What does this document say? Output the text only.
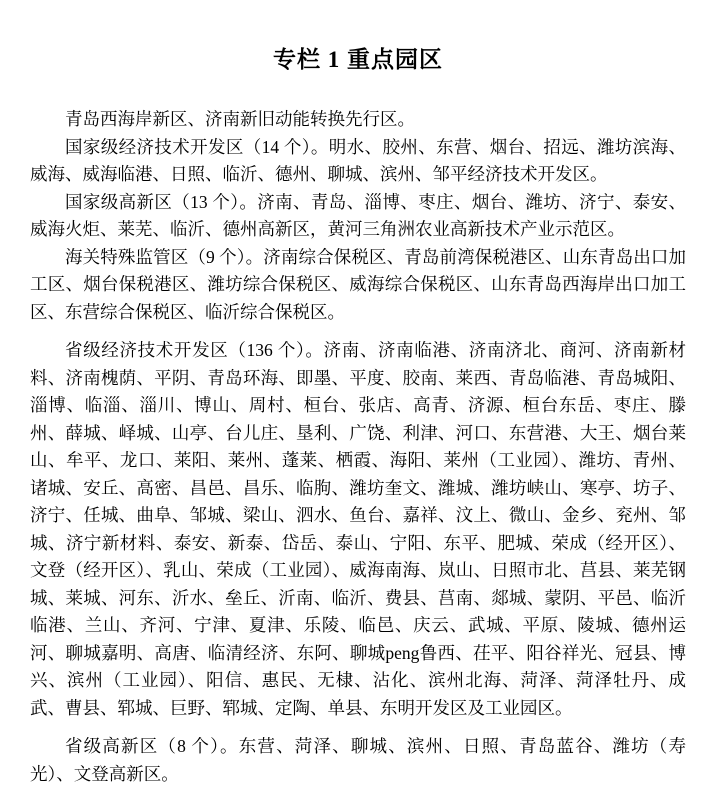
专栏 1 重点园区

青岛西海岸新区、济南新旧动能转换先行区。

国家级经济技术开发区（14 个）。明水、胶州、东营、烟台、招远、潍坊滨海、威海、威海临港、日照、临沂、德州、聊城、滨州、邹平经济技术开发区。

国家级高新区（13 个）。济南、青岛、淄博、枣庄、烟台、潍坊、济宁、泰安、威海火炬、莱芜、临沂、德州高新区，黄河三角洲农业高新技术产业示范区。

海关特殊监管区（9 个）。济南综合保税区、青岛前湾保税港区、山东青岛出口加工区、烟台保税港区、潍坊综合保税区、威海综合保税区、山东青岛西海岸出口加工区、东营综合保税区、临沂综合保税区。

省级经济技术开发区（136 个）。济南、济南临港、济南济北、商河、济南新材料、济南槐荫、平阴、青岛环海、即墨、平度、胶南、莱西、青岛临港、青岛城阳、淄博、临淄、淄川、博山、周村、桓台、张店、高青、济源、桓台东岳、枣庄、滕州、薛城、峄城、山亭、台儿庄、垦利、广饶、利津、河口、东营港、大王、烟台莱山、牟平、龙口、莱阳、莱州、蓬莱、栖霞、海阳、莱州（工业园）、潍坊、青州、诸城、安丘、高密、昌邑、昌乐、临朐、潍坊奎文、潍城、潍坊峡山、寒亭、坊子、济宁、任城、曲阜、邹城、梁山、泗水、鱼台、嘉祥、汶上、微山、金乡、兖州、邹城、济宁新材料、泰安、新泰、岱岳、泰山、宁阳、东平、肥城、荣成（经开区）、文登（经开区）、乳山、荣成（工业园）、威海南海、岚山、日照市北、莒县、莱芜钢城、莱城、河东、沂水、垒丘、沂南、临沂、费县、莒南、郯城、蒙阴、平邑、临沂临港、兰山、齐河、宁津、夏津、乐陵、临邑、庆云、武城、平原、陵城、德州运河、聊城嘉明、高唐、临清经济、东阿、聊城peng鲁西、茌平、阳谷祥光、冠县、博兴、滨州（工业园）、阳信、惠民、无棣、沾化、滨州北海、菏泽、菏泽牡丹、成武、曹县、郓城、巨野、郓城、定陶、单县、东明开发区及工业园区。

省级高新区（8 个）。东营、菏泽、聊城、滨州、日照、青岛蓝谷、潍坊（寿光）、文登高新区。
